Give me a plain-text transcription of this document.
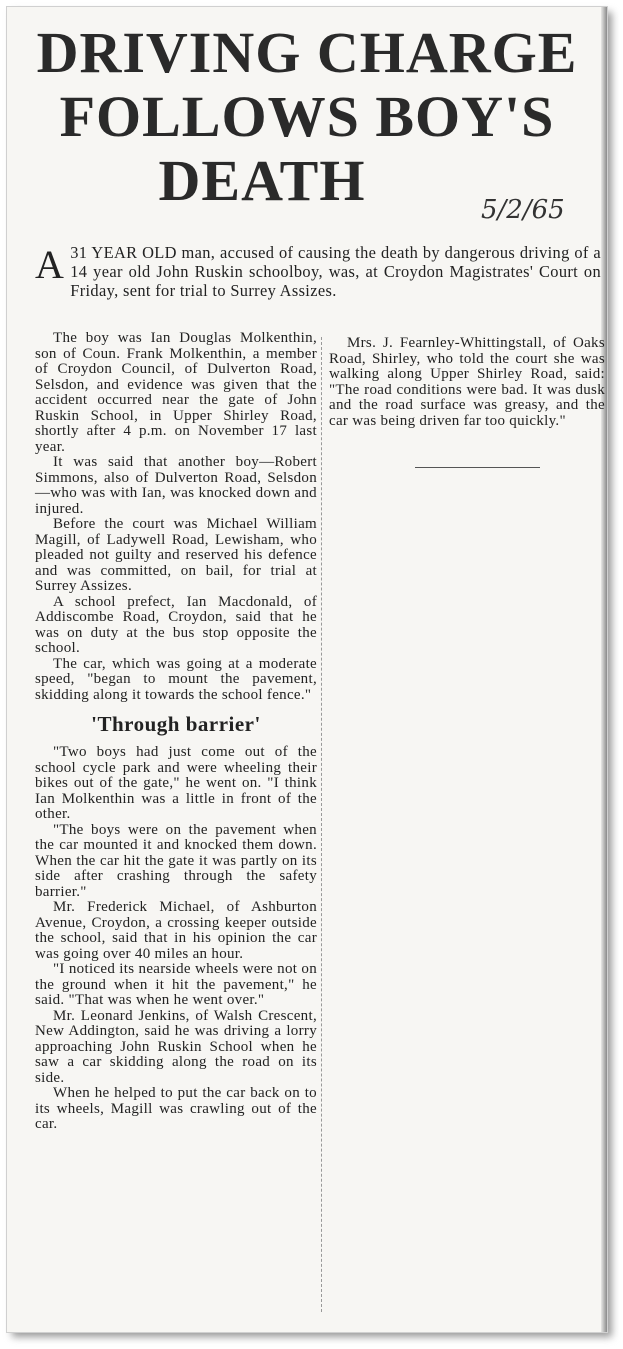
DRIVING CHARGE
FOLLOWS BOY'S
DEATH	5/2/65
A 31 YEAR OLD man, accused of causing the death by dangerous driving of a 14 year old John Ruskin schoolboy, was, at Croydon Magistrates' Court on Friday, sent for trial to Surrey Assizes.

The boy was Ian Douglas Molkenthin, son of Coun. Frank Molkenthin, a member of Croydon Council, of Dulverton Road, Selsdon, and evidence was given that the accident occurred near the gate of John Ruskin School, in Upper Shirley Road, shortly after 4 p.m. on November 17 last year.

It was said that another boy—Robert Simmons, also of Dulverton Road, Selsdon—who was with Ian, was knocked down and injured.

Before the court was Michael William Magill, of Ladywell Road, Lewisham, who pleaded not guilty and reserved his defence and was committed, on bail, for trial at Surrey Assizes.

A school prefect, Ian Macdonald, of Addiscombe Road, Croydon, said that he was on duty at the bus stop opposite the school.

The car, which was going at a moderate speed, "began to mount the pavement, skidding along it towards the school fence."

'Through barrier'

"Two boys had just come out of the school cycle park and were wheeling their bikes out of the gate," he went on. "I think Ian Molkenthin was a little in front of the other.

"The boys were on the pavement when the car mounted it and knocked them down. When the car hit the gate it was partly on its side after crashing through the safety barrier."

Mr. Frederick Michael, of Ashburton Avenue, Croydon, a crossing keeper outside the school, said that in his opinion the car was going over 40 miles an hour.

"I noticed its nearside wheels were not on the ground when it hit the pavement," he said. "That was when he went over."

Mr. Leonard Jenkins, of Walsh Crescent, New Addington, said he was driving a lorry approaching John Ruskin School when he saw a car skidding along the road on its side.

When he helped to put the car back on to its wheels, Magill was crawling out of the car.

Mrs. J. Fearnley-Whittingstall, of Oaks Road, Shirley, who told the court she was walking along Upper Shirley Road, said: "The road conditions were bad. It was dusk and the road surface was greasy, and the car was being driven far too quickly."
